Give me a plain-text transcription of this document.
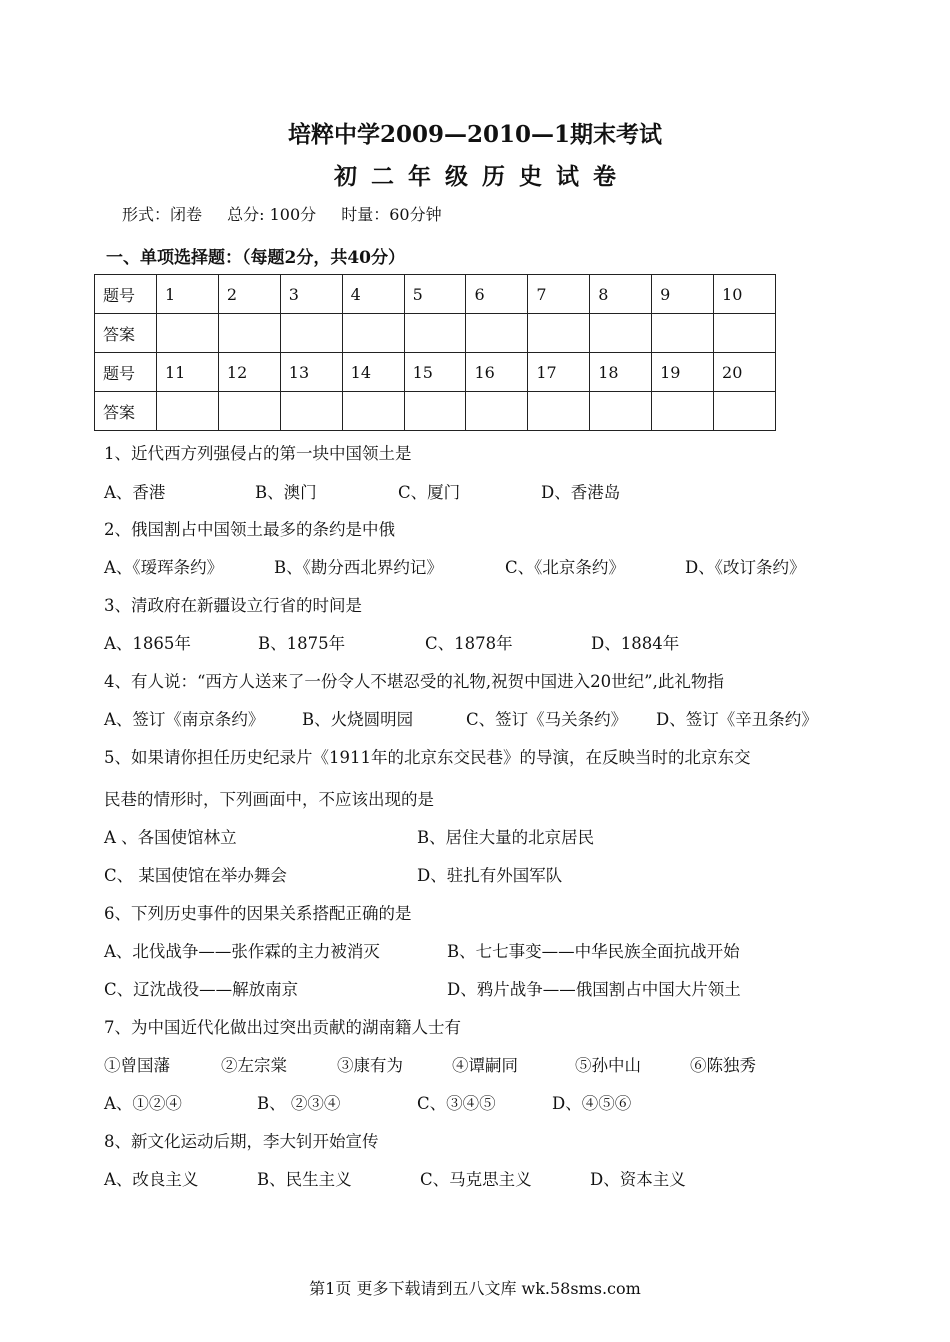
培粹中学2009—2010—1期末考试
初二年级历史试卷
形式：闭卷 总分: 100分 时量：60分钟
一、单项选择题：（每题2分，共40分）
题号	1	2	3	4	5	6	7	8	9	10
答案										
题号	11	12	13	14	15	16	17	18	19	20
答案										
1、近代西方列强侵占的第一块中国领土是
A、香港	B、澳门	C、厦门	D、香港岛
2、俄国割占中国领土最多的条约是中俄
A、《瑷珲条约》	B、《勘分西北界约记》	C、《北京条约》	D、《改订条约》
3、清政府在新疆设立行省的时间是
A、1865年	B、1875年	C、1878年	D、1884年
4、有人说：“西方人送来了一份令人不堪忍受的礼物,祝贺中国进入20世纪”,此礼物指
A、签订《南京条约》 B、火烧圆明园	C、签订《马关条约》 D、签订《辛丑条约》
5、如果请你担任历史纪录片《1911年的北京东交民巷》的导演，在反映当时的北京东交
民巷的情形时，下列画面中，不应该出现的是
A 、各国使馆林立	B、居住大量的北京居民
C、 某国使馆在举办舞会	D、驻扎有外国军队
6、下列历史事件的因果关系搭配正确的是
A、北伐战争——张作霖的主力被消灭	B、七七事变——中华民族全面抗战开始
C、辽沈战役——解放南京	D、鸦片战争——俄国割占中国大片领土
7、为中国近代化做出过突出贡献的湖南籍人士有
①曾国藩	②左宗棠	③康有为	④谭嗣同	⑤孙中山	⑥陈独秀
A、①②④	B、 ②③④	C、③④⑤	D、④⑤⑥
8、新文化运动后期，李大钊开始宣传
A、改良主义	B、民生主义	C、马克思主义	D、资本主义
第1页 更多下载请到五八文库 wk.58sms.com
